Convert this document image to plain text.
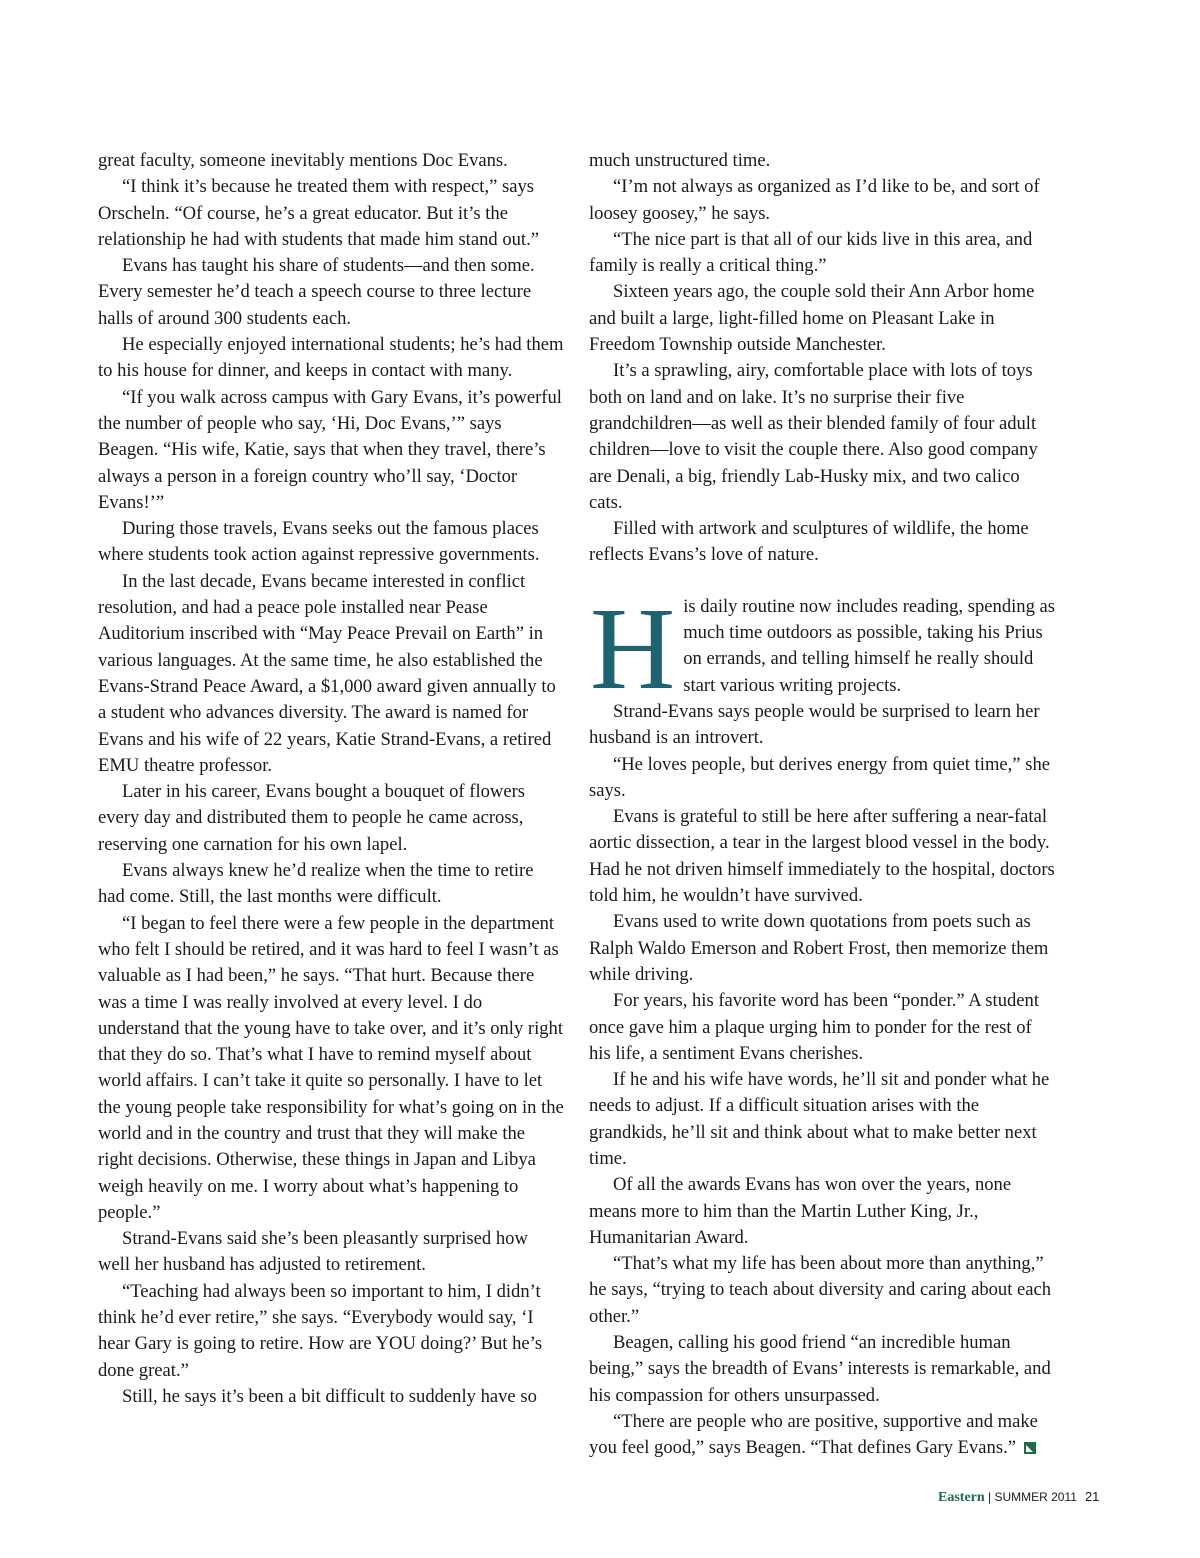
great faculty, someone inevitably mentions Doc Evans.

“I think it’s because he treated them with respect,” says Orscheln. “Of course, he’s a great educator. But it’s the relationship he had with students that made him stand out.”

Evans has taught his share of students—and then some. Every semester he’d teach a speech course to three lecture halls of around 300 students each.

He especially enjoyed international students; he’s had them to his house for dinner, and keeps in contact with many.

“If you walk across campus with Gary Evans, it’s powerful the number of people who say, ‘Hi, Doc Evans,’” says Beagen. “His wife, Katie, says that when they travel, there’s always a person in a foreign country who’ll say, ‘Doctor Evans!’”

During those travels, Evans seeks out the famous places where students took action against repressive governments.

In the last decade, Evans became interested in conflict resolution, and had a peace pole installed near Pease Auditorium inscribed with “May Peace Prevail on Earth” in various languages. At the same time, he also established the Evans-Strand Peace Award, a $1,000 award given annually to a student who advances diversity. The award is named for Evans and his wife of 22 years, Katie Strand-Evans, a retired EMU theatre professor.

Later in his career, Evans bought a bouquet of flowers every day and distributed them to people he came across, reserving one carnation for his own lapel.

Evans always knew he’d realize when the time to retire had come. Still, the last months were difficult.

“I began to feel there were a few people in the department who felt I should be retired, and it was hard to feel I wasn’t as valuable as I had been,” he says. “That hurt. Because there was a time I was really involved at every level. I do understand that the young have to take over, and it’s only right that they do so. That’s what I have to remind myself about world affairs. I can’t take it quite so personally. I have to let the young people take responsibility for what’s going on in the world and in the country and trust that they will make the right decisions. Otherwise, these things in Japan and Libya weigh heavily on me. I worry about what’s happening to people.”

Strand-Evans said she’s been pleasantly surprised how well her husband has adjusted to retirement.

“Teaching had always been so important to him, I didn’t think he’d ever retire,” she says. “Everybody would say, ‘I hear Gary is going to retire. How are YOU doing?’ But he’s done great.”

Still, he says it’s been a bit difficult to suddenly have so

much unstructured time.

“I’m not always as organized as I’d like to be, and sort of loosey goosey,” he says.

“The nice part is that all of our kids live in this area, and family is really a critical thing.”

Sixteen years ago, the couple sold their Ann Arbor home and built a large, light-filled home on Pleasant Lake in Freedom Township outside Manchester.

It’s a sprawling, airy, comfortable place with lots of toys both on land and on lake. It’s no surprise their five grandchildren—as well as their blended family of four adult children—love to visit the couple there. Also good company are Denali, a big, friendly Lab-Husky mix, and two calico cats.

Filled with artwork and sculptures of wildlife, the home reflects Evans’s love of nature.

H is daily routine now includes reading, spending as much time outdoors as possible, taking his Prius on errands, and telling himself he really should start various writing projects.

Strand-Evans says people would be surprised to learn her husband is an introvert.

“He loves people, but derives energy from quiet time,” she says.

Evans is grateful to still be here after suffering a near-fatal aortic dissection, a tear in the largest blood vessel in the body. Had he not driven himself immediately to the hospital, doctors told him, he wouldn’t have survived.

Evans used to write down quotations from poets such as Ralph Waldo Emerson and Robert Frost, then memorize them while driving.

For years, his favorite word has been “ponder.” A student once gave him a plaque urging him to ponder for the rest of his life, a sentiment Evans cherishes.

If he and his wife have words, he’ll sit and ponder what he needs to adjust. If a difficult situation arises with the grandkids, he’ll sit and think about what to make better next time.

Of all the awards Evans has won over the years, none means more to him than the Martin Luther King, Jr., Humanitarian Award.

“That’s what my life has been about more than anything,” he says, “trying to teach about diversity and caring about each other.”

Beagen, calling his good friend “an incredible human being,” says the breadth of Evans’ interests is remarkable, and his compassion for others unsurpassed.

“There are people who are positive, supportive and make you feel good,” says Beagen. “That defines Gary Evans.”

Eastern | SUMMER 2011 21
